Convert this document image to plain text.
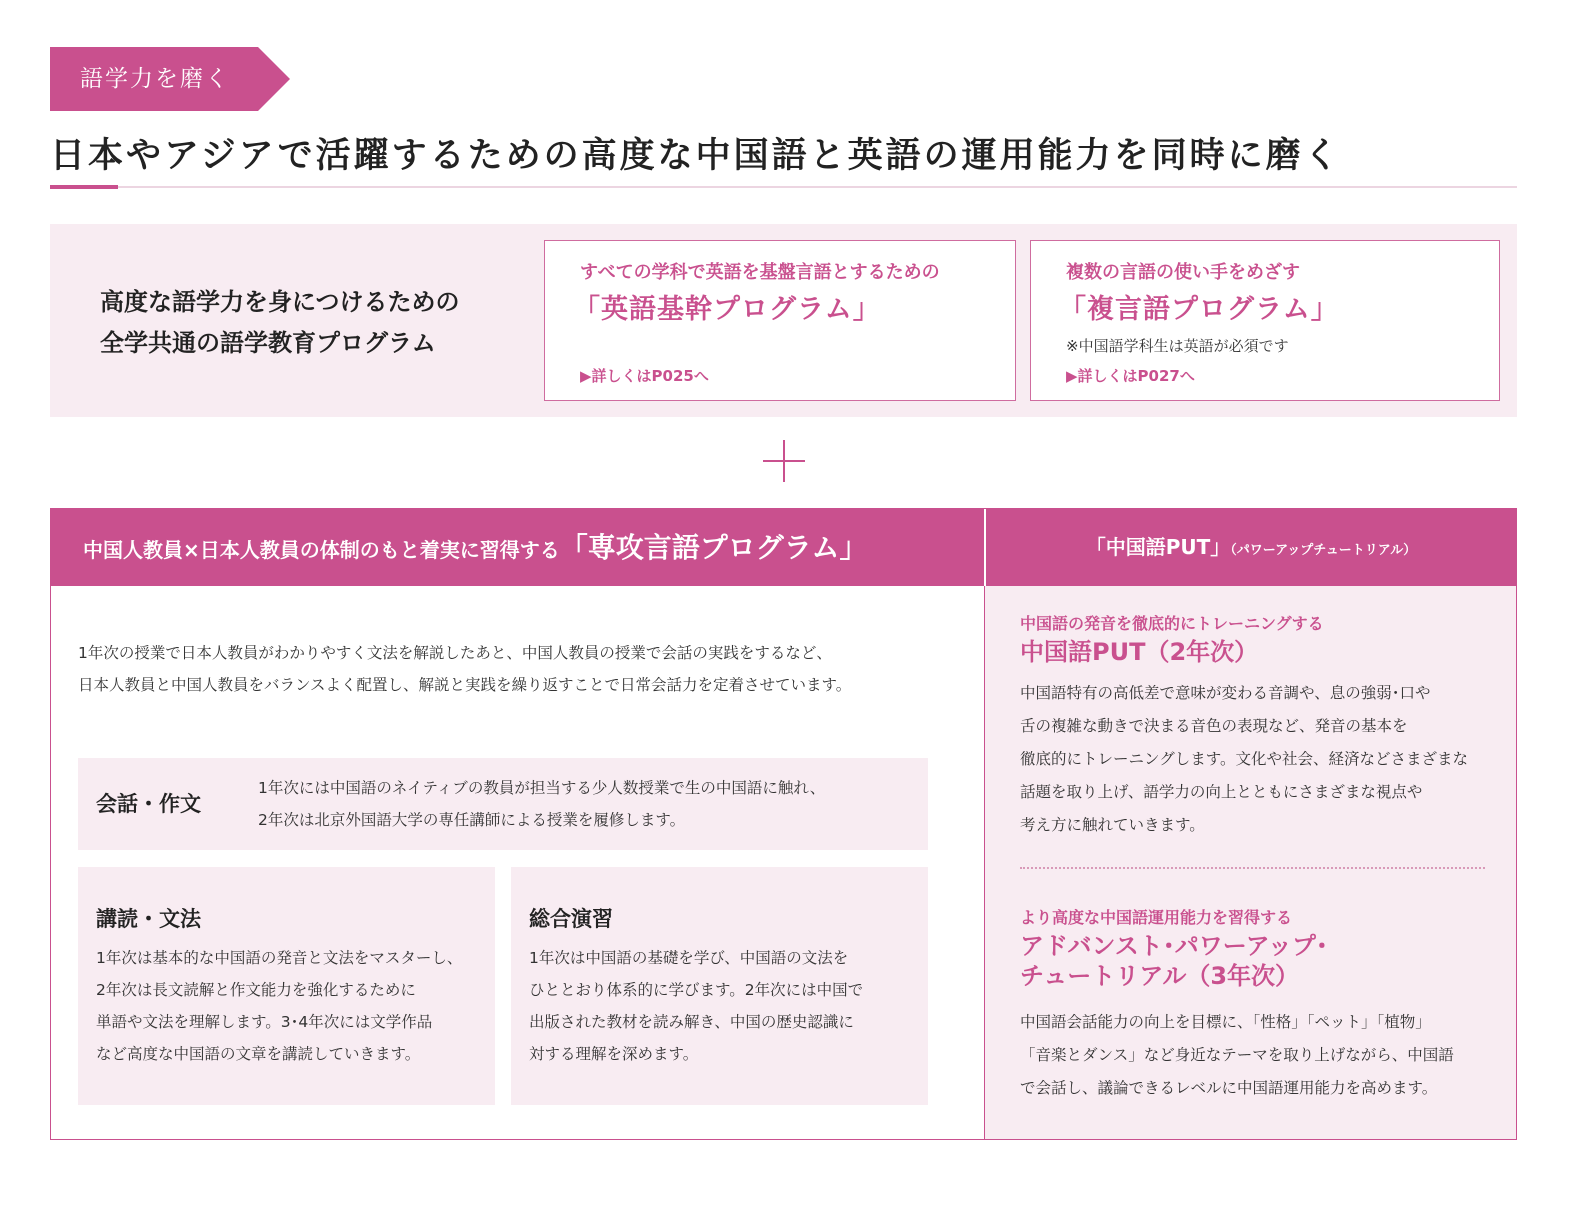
語学力を磨く
日本やアジアで活躍するための高度な中国語と英語の運用能力を同時に磨く
高度な語学力を身につけるための
全学共通の語学教育プログラム
すべての学科で英語を基盤言語とするための
「英語基幹プログラム」
▶詳しくはP025へ
複数の言語の使い手をめざす
「複言語プログラム」
※中国語学科生は英語が必須です
▶詳しくはP027へ
中国人教員×日本人教員の体制のもと着実に習得する「専攻言語プログラム」	「中国語PUT」（パワーアップチュートリアル）
1年次の授業で日本人教員がわかりやすく文法を解説したあと、中国人教員の授業で会話の実践をするなど、
日本人教員と中国人教員をバランスよく配置し、解説と実践を繰り返すことで日常会話力を定着させています。
会話・作文
1年次には中国語のネイティブの教員が担当する少人数授業で生の中国語に触れ、
2年次は北京外国語大学の専任講師による授業を履修します。
講読・文法
1年次は基本的な中国語の発音と文法をマスターし、
2年次は長文読解と作文能力を強化するために
単語や文法を理解します。3･4年次には文学作品
など高度な中国語の文章を講読していきます。
総合演習
1年次は中国語の基礎を学び、中国語の文法を
ひととおり体系的に学びます。2年次には中国で
出版された教材を読み解き、中国の歴史認識に
対する理解を深めます。
中国語の発音を徹底的にトレーニングする
中国語PUT（2年次）
中国語特有の高低差で意味が変わる音調や、息の強弱･口や
舌の複雑な動きで決まる音色の表現など、発音の基本を
徹底的にトレーニングします。文化や社会、経済などさまざまな
話題を取り上げ、語学力の向上とともにさまざまな視点や
考え方に触れていきます。
より高度な中国語運用能力を習得する
アドバンスト･パワーアップ･
チュートリアル（3年次）
中国語会話能力の向上を目標に、「性格」「ペット」「植物」
「音楽とダンス」など身近なテーマを取り上げながら、中国語
で会話し、議論できるレベルに中国語運用能力を高めます。
